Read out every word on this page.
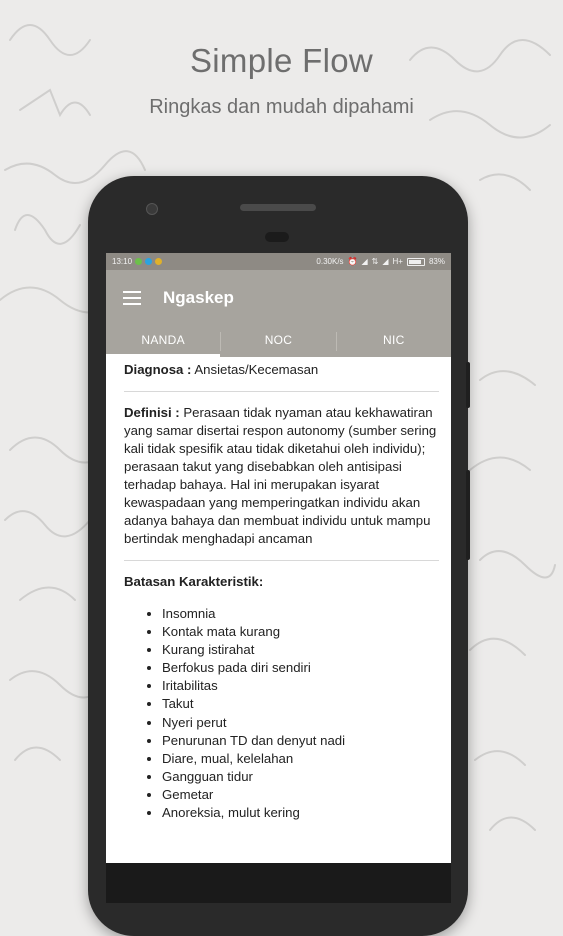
Simple Flow
Ringkas dan mudah dipahami
13:10	0.30K/s ⏰ ◢ ⇅ ◢ H+	83%
Ngaskep
NANDA	NOC	NIC
Diagnosa : Ansietas/Kecemasan
Definisi : Perasaan tidak nyaman atau kekhawatiran yang samar disertai respon autonomy (sumber sering kali tidak spesifik atau tidak diketahui oleh individu); perasaan takut yang disebabkan oleh antisipasi terhadap bahaya. Hal ini merupakan isyarat kewaspadaan yang memperingatkan individu akan adanya bahaya dan membuat individu untuk mampu bertindak menghadapi ancaman
Batasan Karakteristik:
• Insomnia
• Kontak mata kurang
• Kurang istirahat
• Berfokus pada diri sendiri
• Iritabilitas
• Takut
• Nyeri perut
• Penurunan TD dan denyut nadi
• Diare, mual, kelelahan
• Gangguan tidur
• Gemetar
• Anoreksia, mulut kering
